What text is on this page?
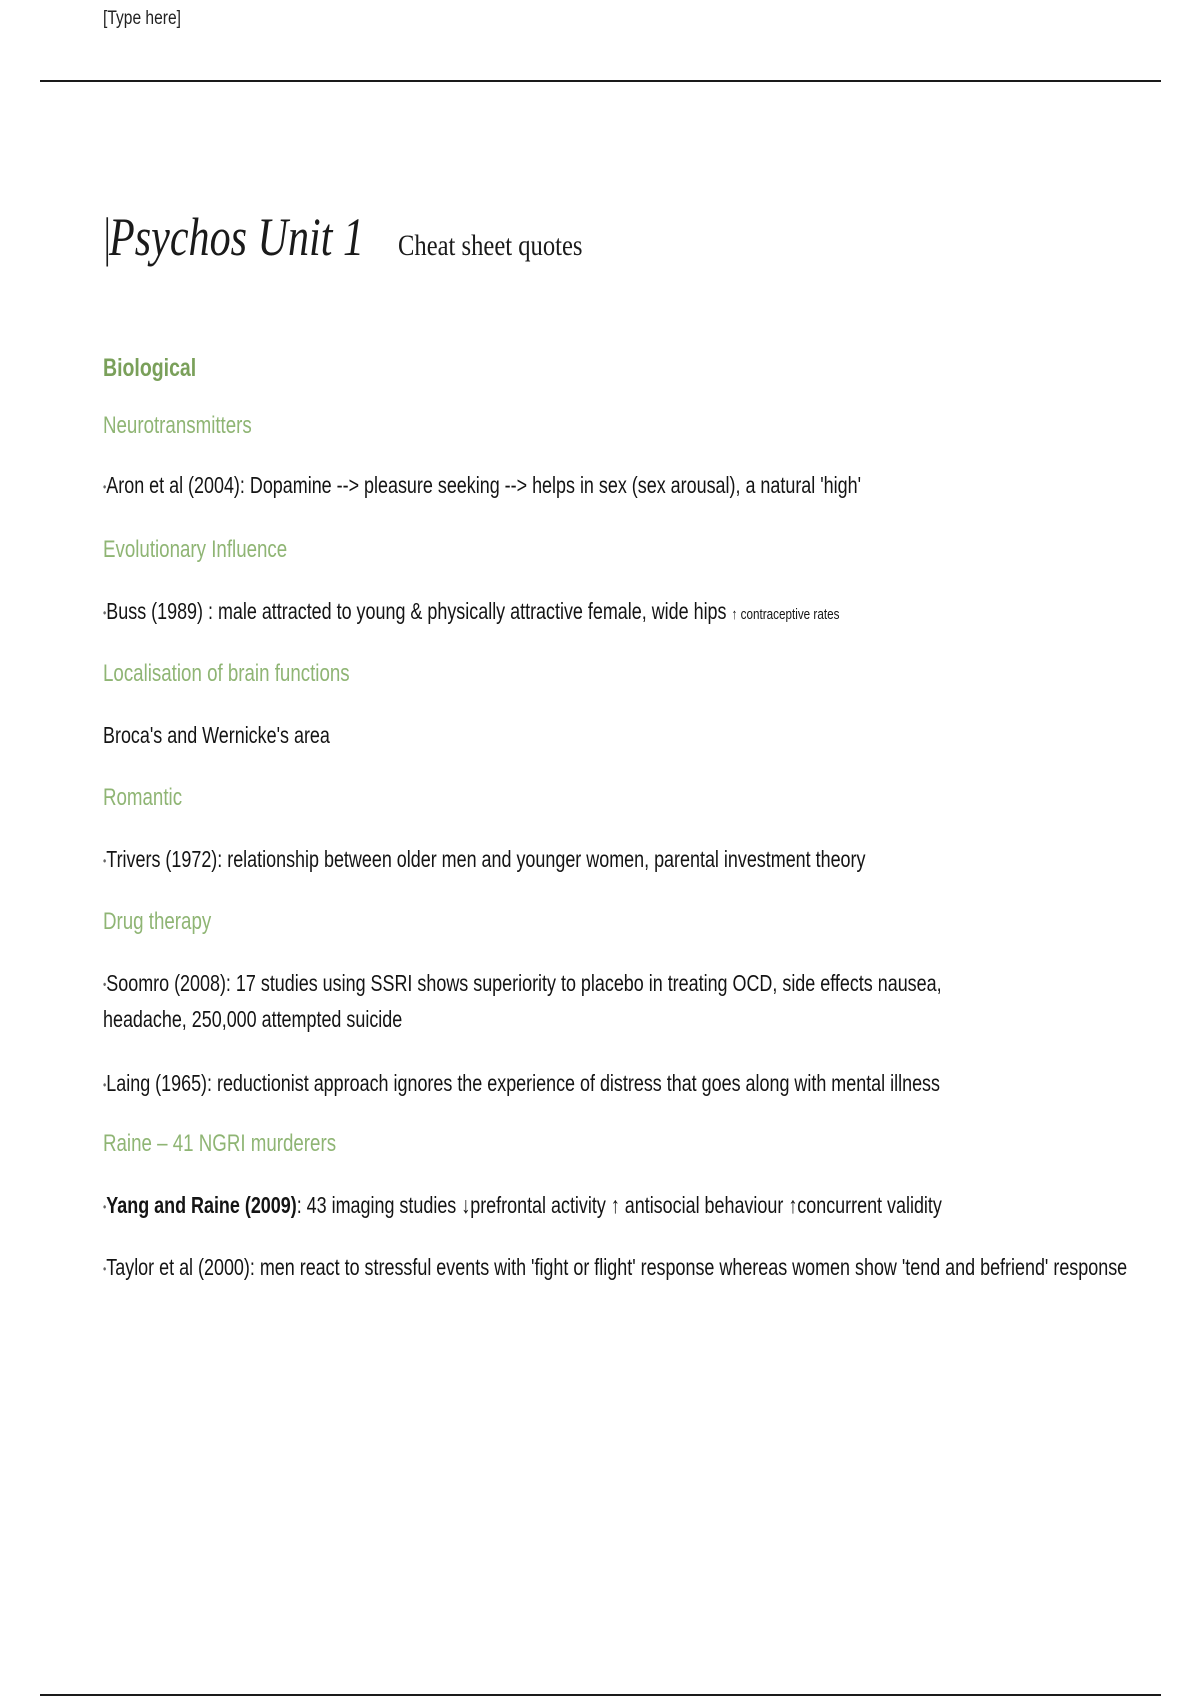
[Type here]
| Psychos Unit 1 Cheat sheet quotes
Biological
Neurotransmitters
•Aron et al (2004): Dopamine --> pleasure seeking --> helps in sex (sex arousal), a natural 'high'
Evolutionary Influence
•Buss (1989) : male attracted to young & physically attractive female, wide hips ↑ contraceptive rates
Localisation of brain functions
Broca's and Wernicke's area
Romantic
•Trivers (1972): relationship between older men and younger women, parental investment theory
Drug therapy
•Soomro (2008): 17 studies using SSRI shows superiority to placebo in treating OCD, side effects nausea, headache, 250,000 attempted suicide
•Laing (1965): reductionist approach ignores the experience of distress that goes along with mental illness
Raine – 41 NGRI murderers
•Yang and Raine (2009): 43 imaging studies ↓prefrontal activity ↑ antisocial behaviour ↑concurrent validity
•Taylor et al (2000): men react to stressful events with 'fight or flight' response whereas women show 'tend and befriend' response
